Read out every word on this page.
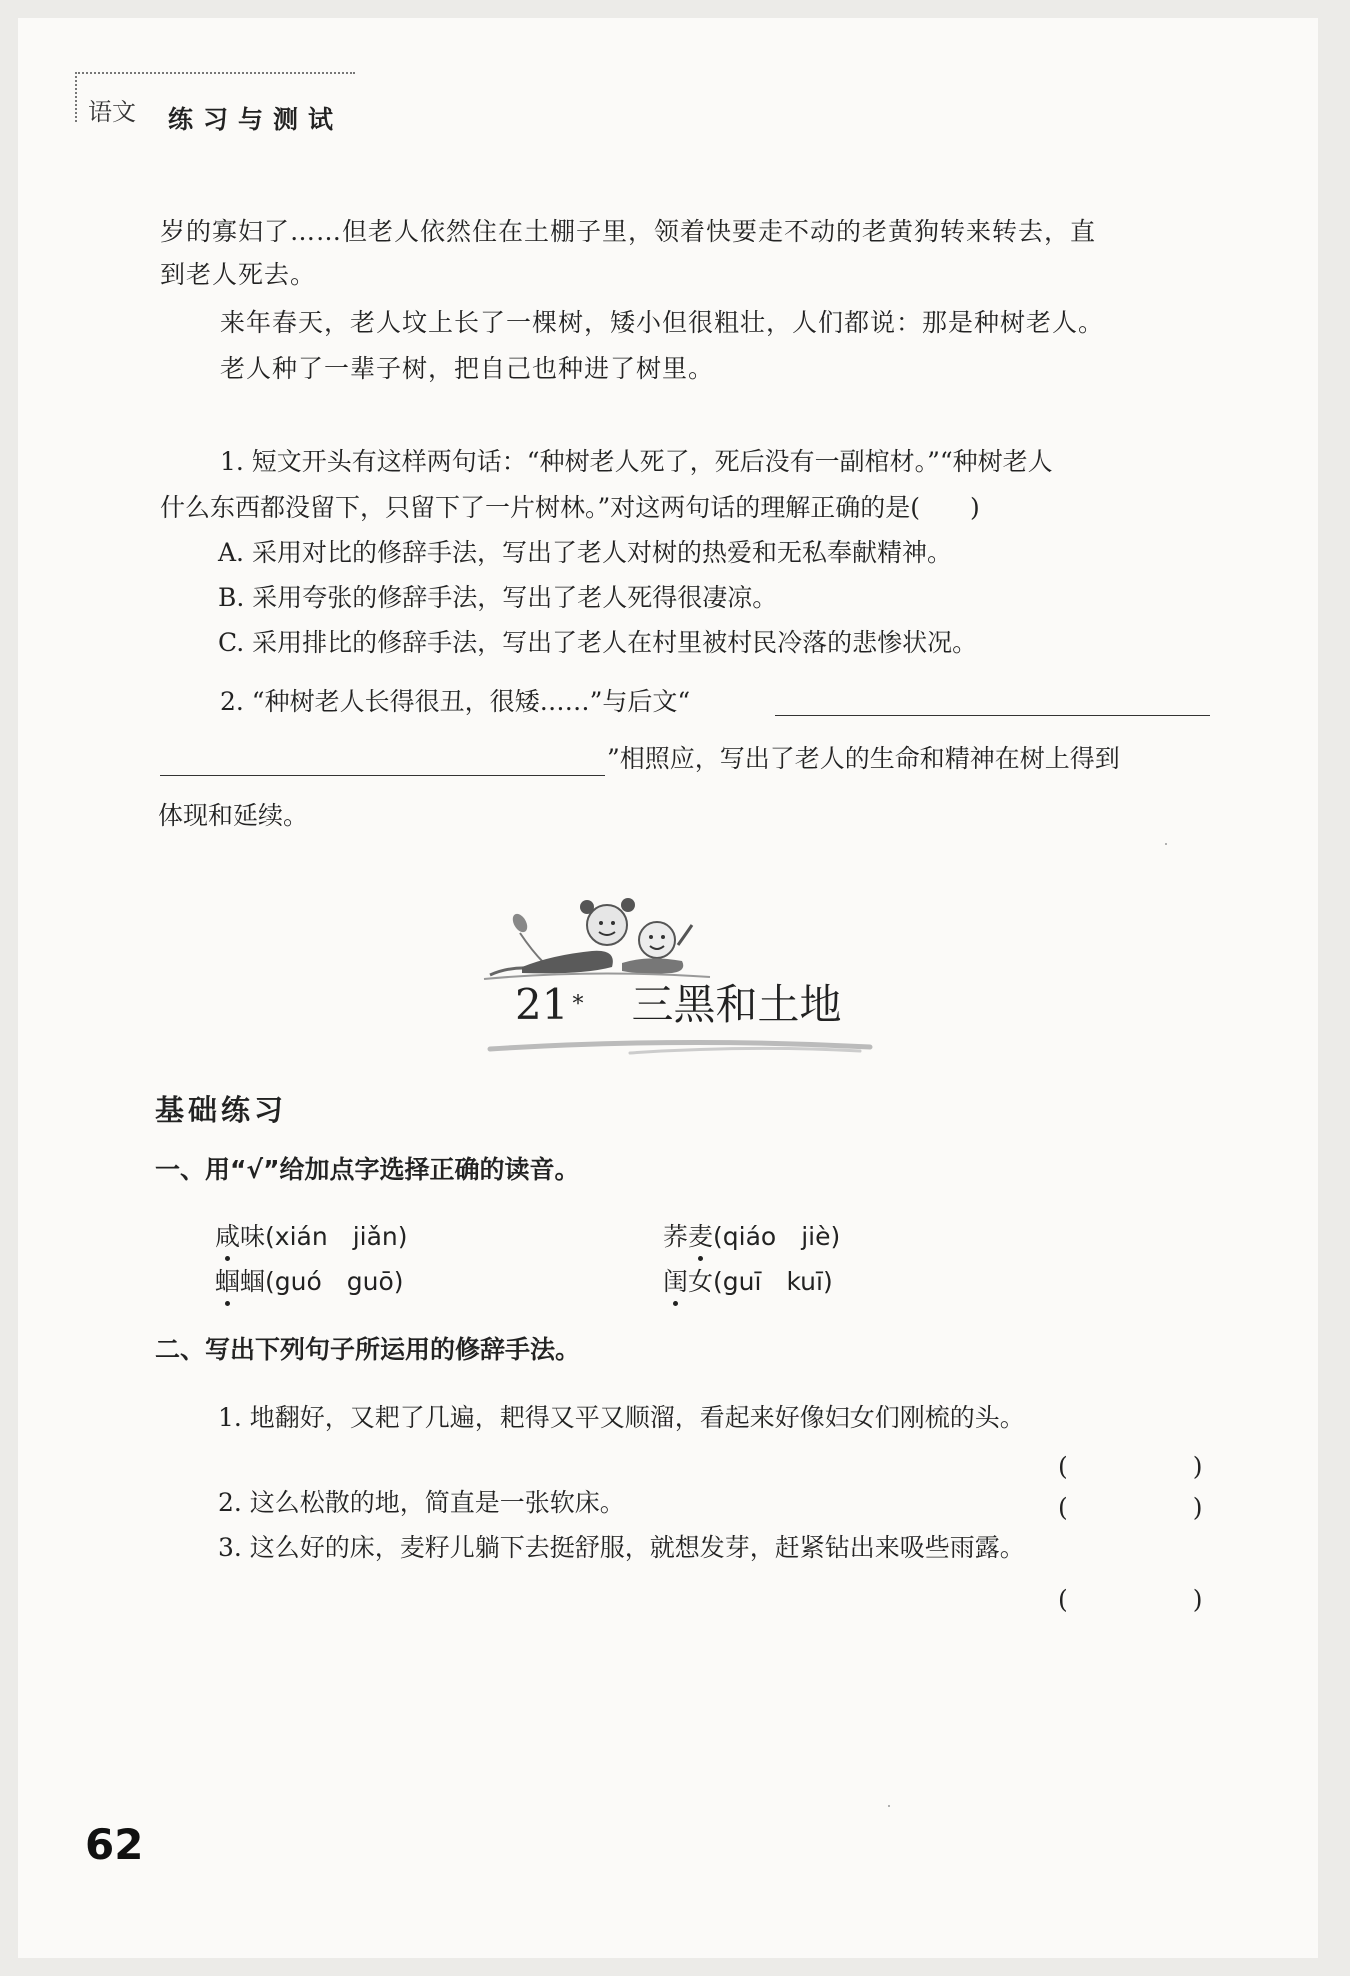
语文 练习与测试
岁的寡妇了……但老人依然住在土棚子里，领着快要走不动的老黄狗转来转去，直
到老人死去。
来年春天，老人坟上长了一棵树，矮小但很粗壮，人们都说：那是种树老人。
老人种了一辈子树，把自己也种进了树里。
1. 短文开头有这样两句话：“种树老人死了，死后没有一副棺材。”“种树老人
什么东西都没留下，只留下了一片树林。”对这两句话的理解正确的是(　　)
A. 采用对比的修辞手法，写出了老人对树的热爱和无私奉献精神。
B. 采用夸张的修辞手法，写出了老人死得很凄凉。
C. 采用排比的修辞手法，写出了老人在村里被村民冷落的悲惨状况。
2. “种树老人长得很丑，很矮……”与后文“
”相照应，写出了老人的生命和精神在树上得到
体现和延续。
21 * 三黑和土地
基础练习
一、用“√”给加点字选择正确的读音。
咸味(xián　jiǎn)	荞麦(qiáo　jiè)
蝈蝈(guó　guō)	闺女(guī　kuī)
二、写出下列句子所运用的修辞手法。
1. 地翻好，又耙了几遍，耙得又平又顺溜，看起来好像妇女们刚梳的头。
(　　　　　)
2. 这么松散的地，简直是一张软床。	(　　　　　)
3. 这么好的床，麦籽儿躺下去挺舒服，就想发芽，赶紧钻出来吸些雨露。
(　　　　　)
62
